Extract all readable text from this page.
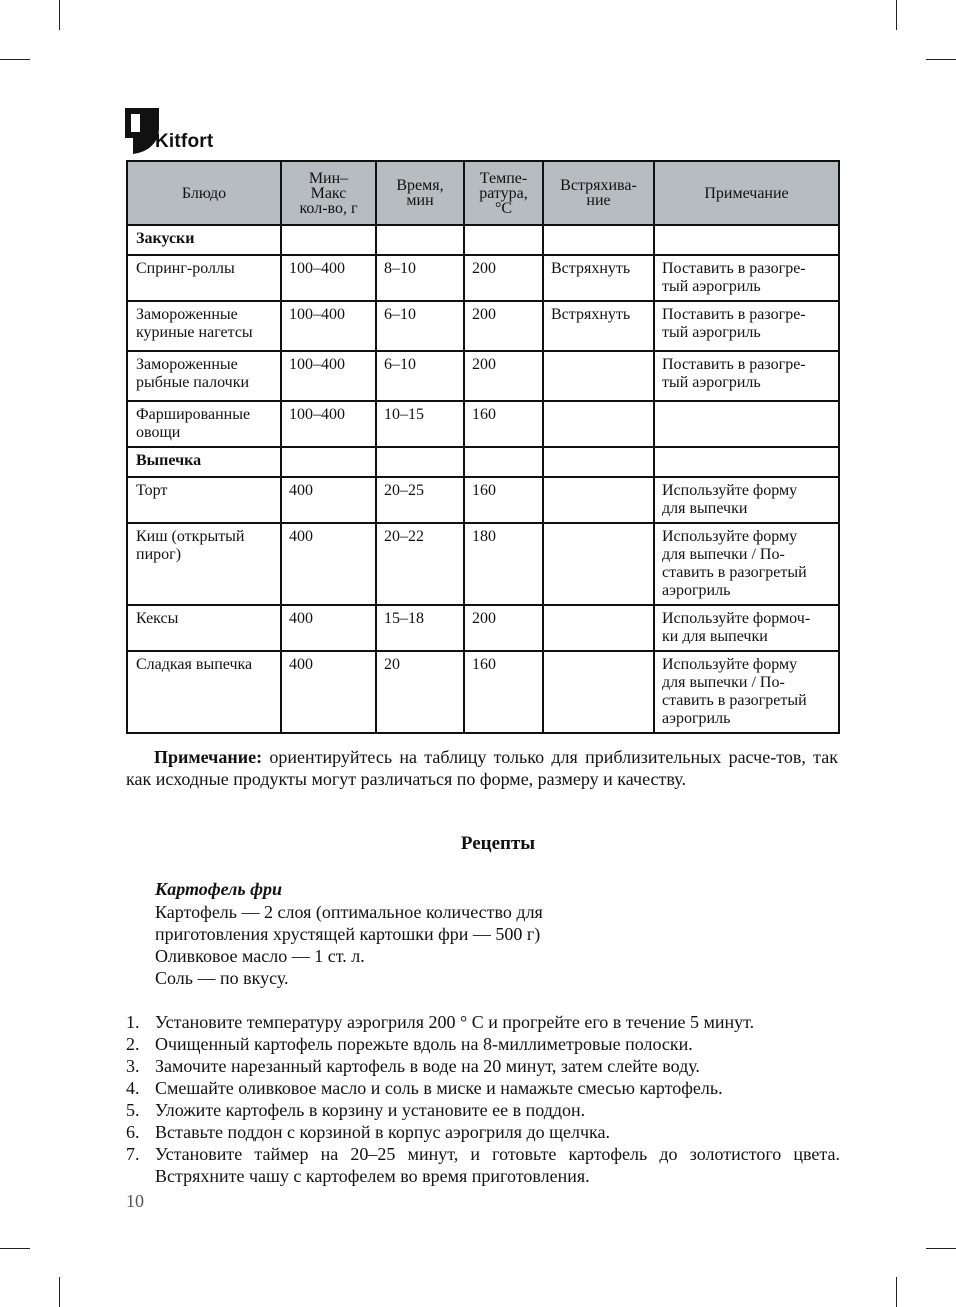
Kitfort
Блюдо	Мин–
Макс
кол-во, г	Время,
мин	Темпе-
ратура,
°С	Встряхива-
ние	Примечание
Закуски					
Спринг-роллы	100–400	8–10	200	Встряхнуть	Поставить в разогре-
тый аэрогриль
Замороженные
куриные нагетсы	100–400	6–10	200	Встряхнуть	Поставить в разогре-
тый аэрогриль
Замороженные
рыбные палочки	100–400	6–10	200		Поставить в разогре-
тый аэрогриль
Фаршированные
овощи	100–400	10–15	160		
Выпечка					
Торт	400	20–25	160		Используйте форму
для выпечки
Киш (открытый
пирог)	400	20–22	180		Используйте форму
для выпечки / По-
ставить в разогретый
аэрогриль
Кексы	400	15–18	200		Используйте формоч-
ки для выпечки
Сладкая выпечка	400	20	160		Используйте форму
для выпечки / По-
ставить в разогретый
аэрогриль
Примечание: ориентируйтесь на таблицу только для приблизительных расче-тов, так как исходные продукты могут различаться по форме, размеру и качеству.
Рецепты
Картофель фри
Картофель — 2 слоя (оптимальное количество для
приготовления хрустящей картошки фри — 500 г)
Оливковое масло — 1 ст. л.
Соль — по вкусу.
1. Установите температуру аэрогриля 200 ° С и прогрейте его в течение 5 минут.
2. Очищенный картофель порежьте вдоль на 8-миллиметровые полоски.
3. Замочите нарезанный картофель в воде на 20 минут, затем слейте воду.
4. Смешайте оливковое масло и соль в миске и намажьте смесью картофель.
5. Уложите картофель в корзину и установите ее в поддон.
6. Вставьте поддон с корзиной в корпус аэрогриля до щелчка.
7. Установите таймер на 20–25 минут, и готовьте картофель до золотистого цвета. Встряхните чашу с картофелем во время приготовления.
10
